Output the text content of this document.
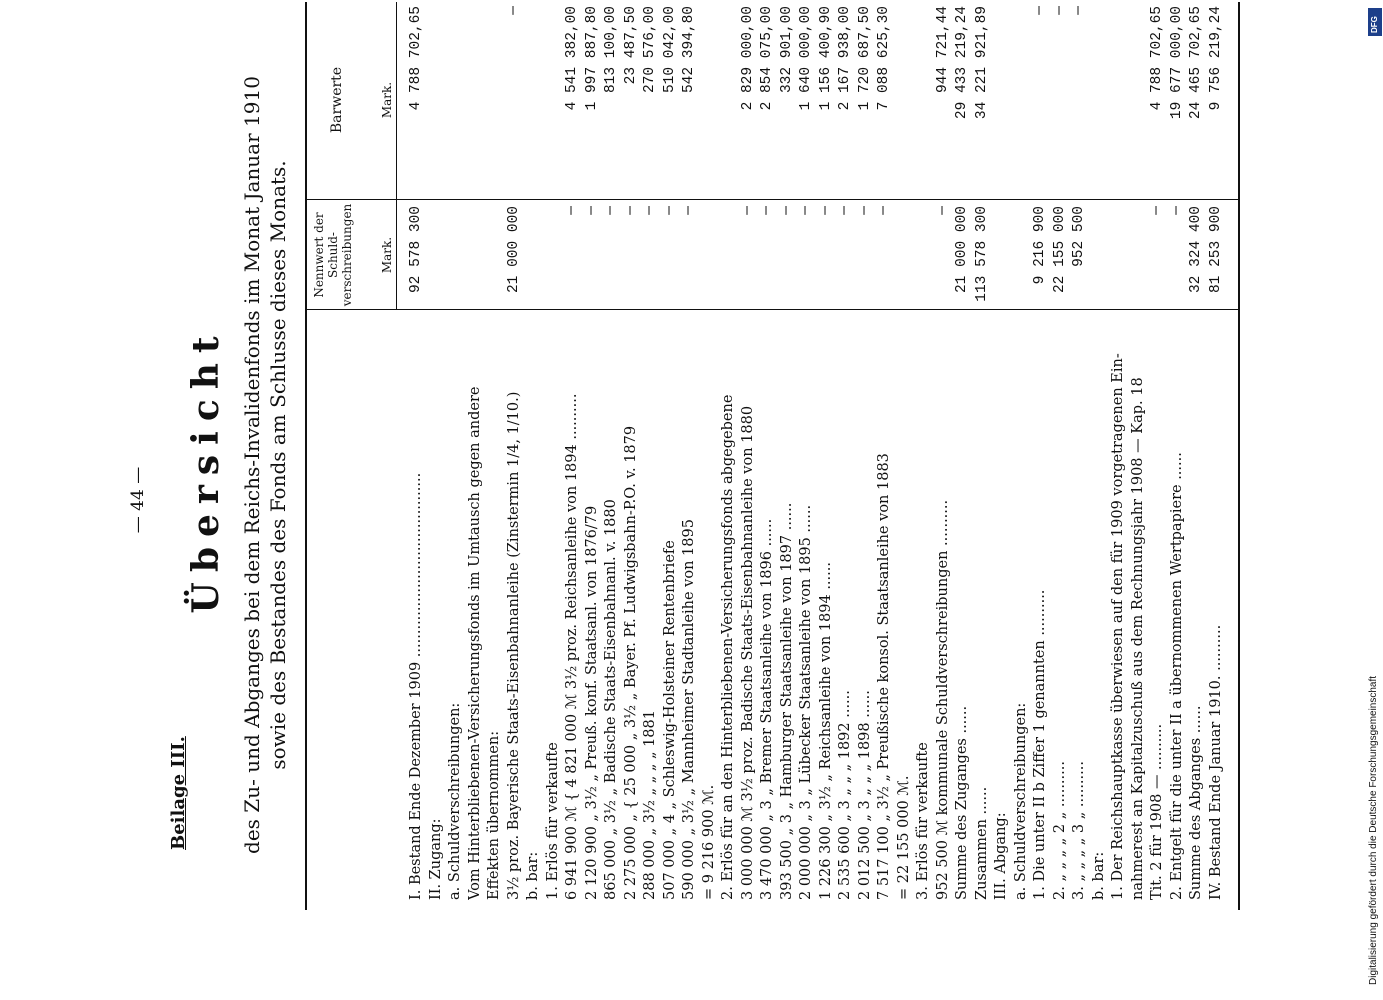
— 44 —
Beilage III.
Übersicht des Zu- und Abganges bei dem Reichs-Invalidenfonds im Monat Januar 1910 sowie des Bestandes des Fonds am Schlusse dieses Monats. Nennwert der Schuld- verschreibungen Mark.
Barwerte	Mark.
I. Bestand Ende Dezember 1909 ........................................
92 578 300
4 788 702,65
II. Zugang: a. Schuldverschreibungen: Vom Hinterbliebenen-Versicherungsfonds im Umtausch gegen andere Effekten übernommen: 3½ proz. Bayerische Staats-Eisenbahnanleihe (Zinstermin 1/4, 1/10.)
21 000 000
—
b. bar: 1. Erlös für verkaufte 6 941 900 ℳ { 4 821 000 ℳ 3½ proz. Reichsanleihe von 1894 ..........
—
4 541 382,00
2 120 900 „ 3½ „ Preuß. konf. Staatsanl. von 1876/79
—
1 997 887,80
865 000 „ 3½ „ Badische Staats-Eisenbahnanl. v. 1880
—
813 100,00
2 275 000 „ { 25 000 „ 3½ „ Bayer. Pf. Ludwigsbahn-P.O. v. 1879
—
23 487,50
288 000 „ 3½ „ „ „ „ 1881
—
270 576,00
507 000 „ 4 „ Schleswig-Holsteiner Rentenbriefe
—
510 042,00
590 000 „ 3½ „ Mannheimer Stadtanleihe von 1895
—
542 394,80
= 9 216 900 ℳ. 2. Erlös für an den Hinterbliebenen-Versicherungsfonds abgegebene 3 000 000 ℳ 3½ proz. Badische Staats-Eisenbahnanleihe von 1880
—
2 829 000,00
3 470 000 „ 3 „ Bremer Staatsanleihe von 1896 ......
—
2 854 075,00
393 500 „ 3 „ Hamburger Staatsanleihe von 1897 ......
—
332 901,00
2 000 000 „ 3 „ Lübecker Staatsanleihe von 1895 ......
—
1 640 000,00
1 226 300 „ 3½ „ Reichsanleihe von 1894 ......
—
1 156 400,90
2 535 600 „ 3 „ „ „ 1892 ......
—
2 167 938,00
2 012 500 „ 3 „ „ „ 1898 ......
—
1 720 687,50
7 517 100 „ 3½ „ Preußische konsol. Staatsanleihe von 1883
—
7 088 625,30
= 22 155 000 ℳ. 3. Erlös für verkaufte 952 500 ℳ kommunale Schuldverschreibungen ..........
—
944 721,44
Summe des Zuganges ......
21 000 000
29 433 219,24
Zusammen ......
113 578 300
34 221 921,89
III. Abgang: a. Schuldverschreibungen: 1. Die unter II b Ziffer 1 genannten ..........
9 216 900
—
2. „ „ „ „ 2 „ ..........
22 155 000
—
3. „ „ „ „ 3 „ ..........
952 500
—
b. bar: 1. Der Reichshauptkasse überwiesen auf den für 1909 vorgetragenen Ein- nahmerest an Kapitalzuschuß aus dem Rechnungsjahr 1908 — Kap. 18 Tit. 2 für 1908 — ..........
—
4 788 702,65
2. Entgelt für die unter II a übernommenen Wertpapiere ......
—
19 677 000,00
Summe des Abganges ......
32 324 400
24 465 702,65
IV. Bestand Ende Januar 1910. ..........
81 253 900
9 756 219,24	DFG
Digitalisierung gefördert durch die Deutsche Forschungsgemeinschaft
